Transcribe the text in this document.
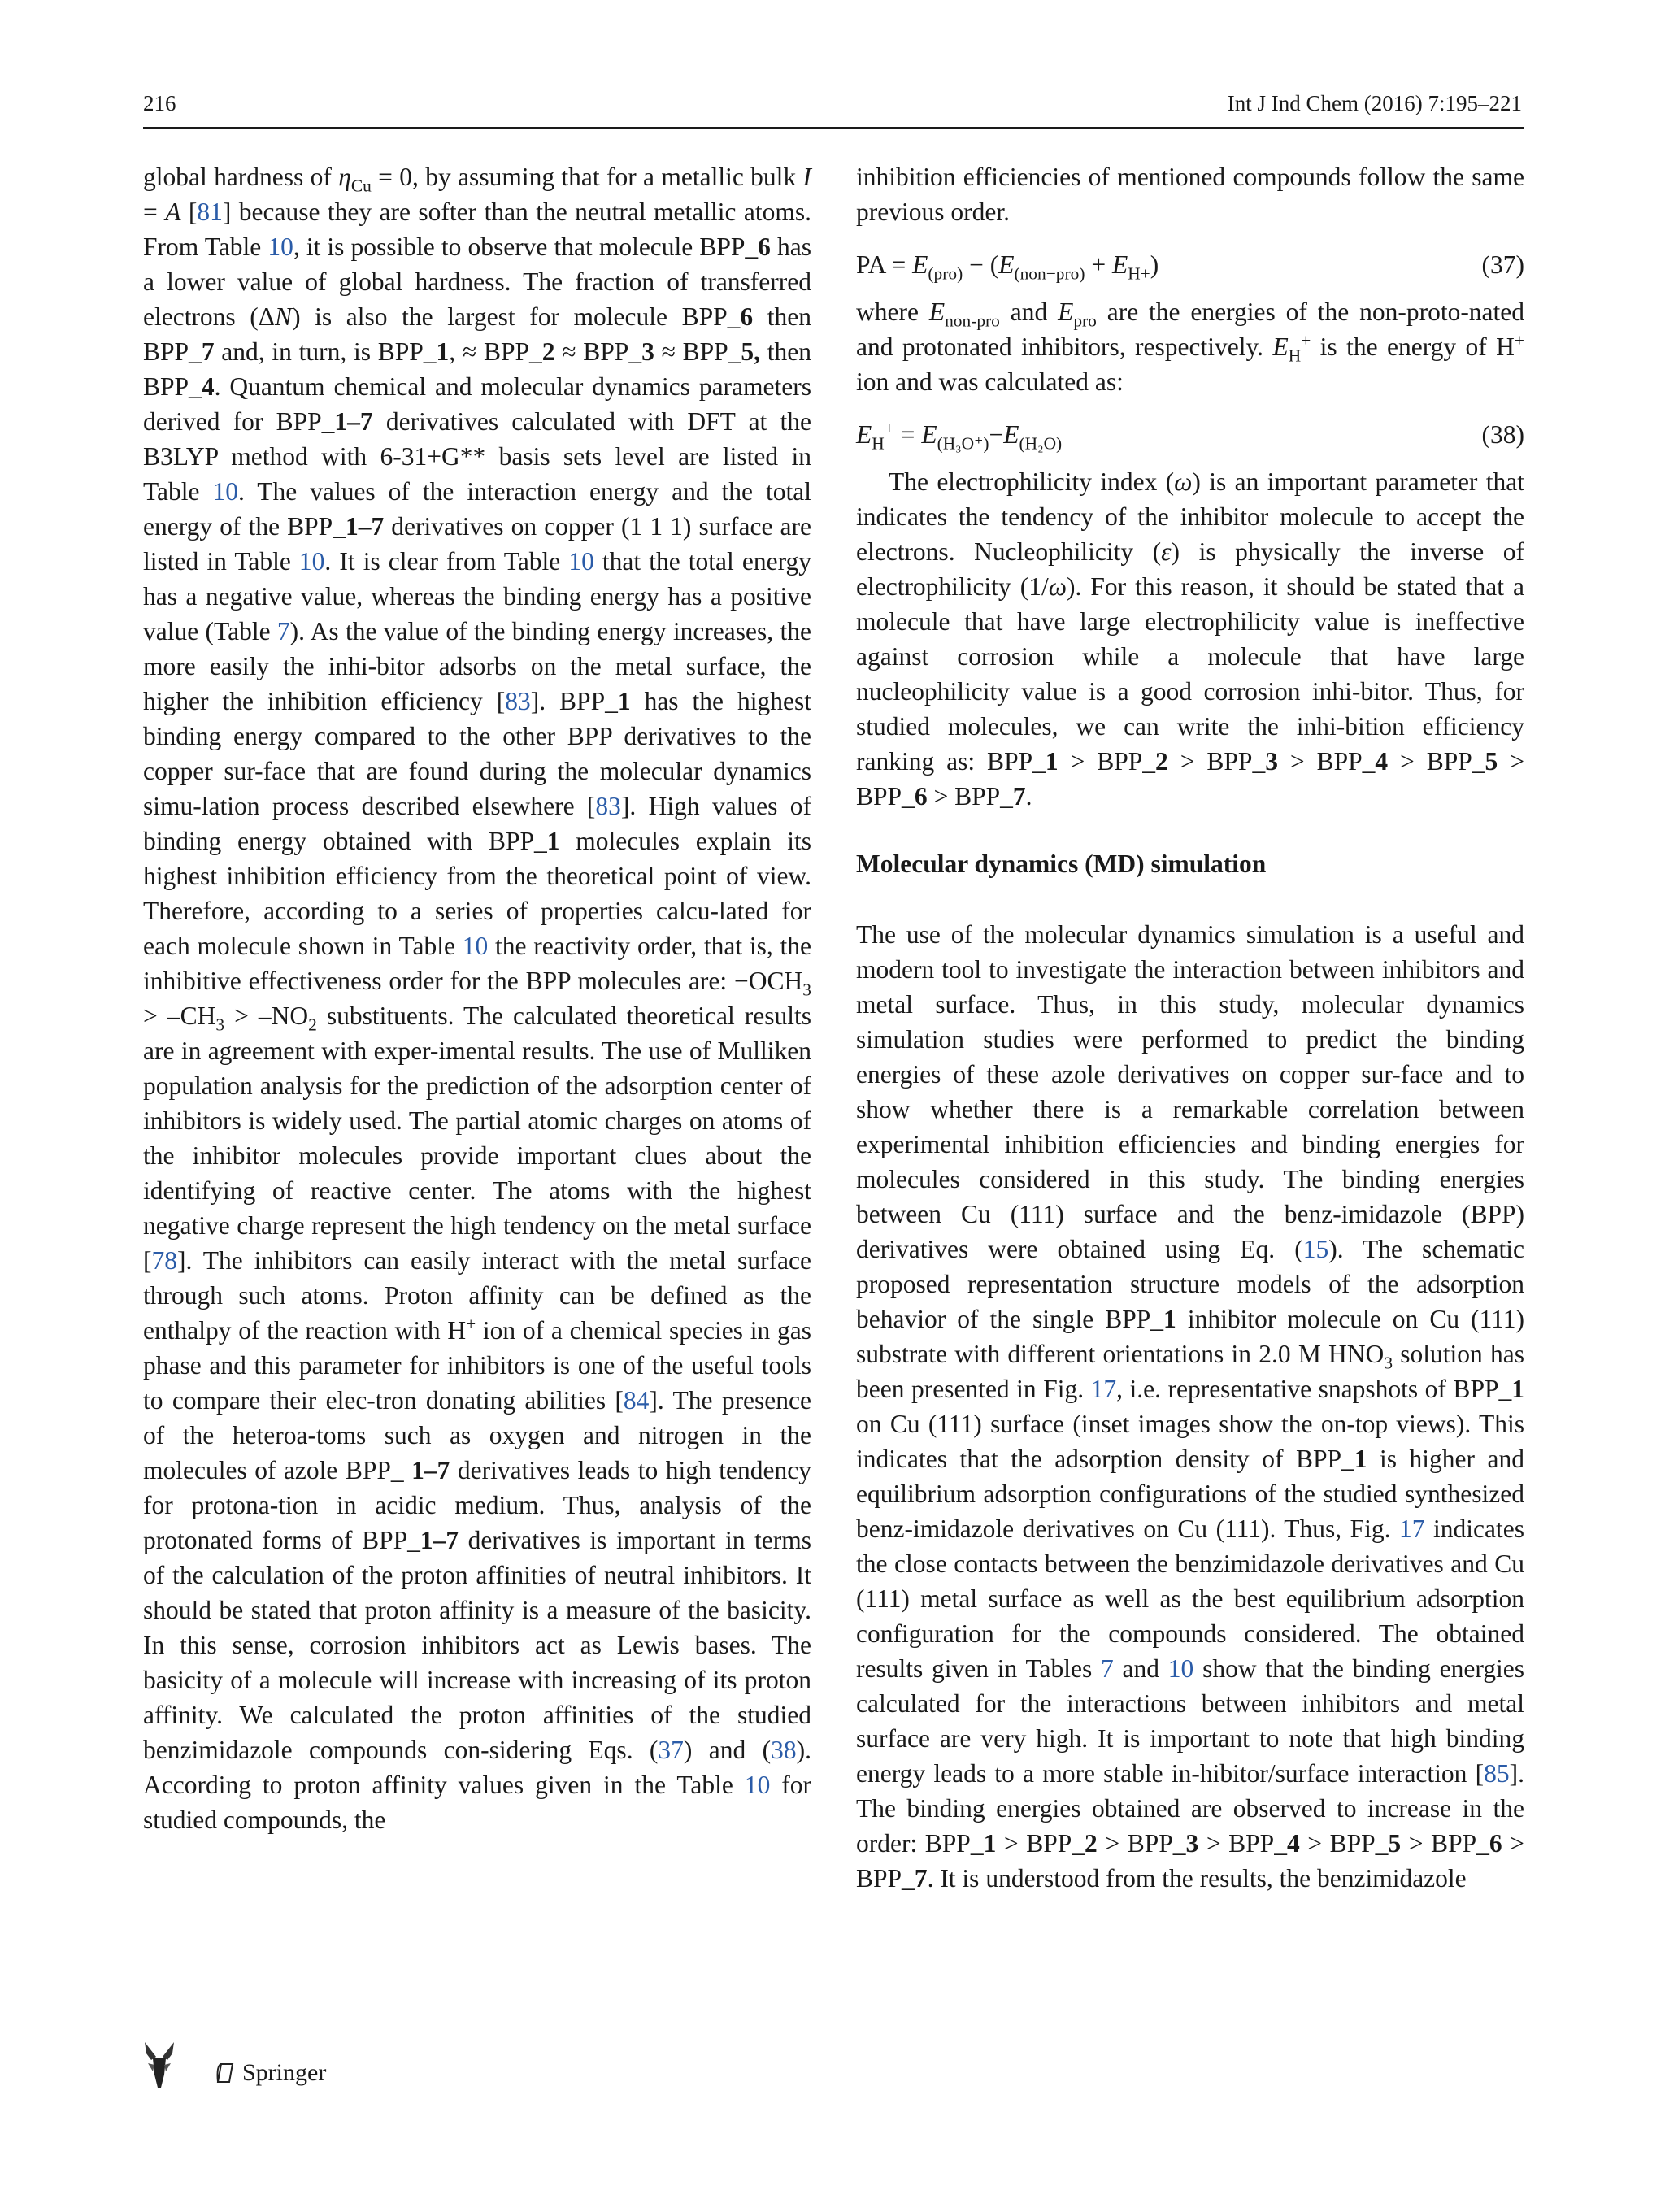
216	Int J Ind Chem (2016) 7:195–221

global hardness of $\eta_{Cu} = 0$, by assuming that for a metallic bulk I = A [81] because they are softer than the neutral metallic atoms. From Table 10, it is possible to observe that molecule BPP_6 has a lower value of global hardness. The fraction of transferred electrons (ΔN) is also the largest for molecule BPP_6 then BPP_7 and, in turn, is BPP_1, ≈ BPP_2 ≈ BPP_3 ≈ BPP_5, then BPP_4. Quantum chemical and molecular dynamics parameters derived for BPP_1–7 derivatives calculated with DFT at the B3LYP method with 6-31+G** basis sets level are listed in Table 10. The values of the interaction energy and the total energy of the BPP_1–7 derivatives on copper (1 1 1) surface are listed in Table 10. It is clear from Table 10 that the total energy has a negative value, whereas the binding energy has a positive value (Table 7). As the value of the binding energy increases, the more easily the inhi-bitor adsorbs on the metal surface, the higher the inhibition efficiency [83]. BPP_1 has the highest binding energy compared to the other BPP derivatives to the copper sur-face that are found during the molecular dynamics simu-lation process described elsewhere [83]. High values of binding energy obtained with BPP_1 molecules explain its highest inhibition efficiency from the theoretical point of view. Therefore, according to a series of properties calcu-lated for each molecule shown in Table 10 the reactivity order, that is, the inhibitive effectiveness order for the BPP molecules are: $-OCH_3 > -CH_3 > -NO_2$ substituents. The calculated theoretical results are in agreement with exper-imental results. The use of Mulliken population analysis for the prediction of the adsorption center of inhibitors is widely used. The partial atomic charges on atoms of the inhibitor molecules provide important clues about the identifying of reactive center. The atoms with the highest negative charge represent the high tendency on the metal surface [78]. The inhibitors can easily interact with the metal surface through such atoms. Proton affinity can be defined as the enthalpy of the reaction with H+ ion of a chemical species in gas phase and this parameter for inhibitors is one of the useful tools to compare their elec-tron donating abilities [84]. The presence of the heteroa-toms such as oxygen and nitrogen in the molecules of azole BPP_ 1–7 derivatives leads to high tendency for protona-tion in acidic medium. Thus, analysis of the protonated forms of BPP_1–7 derivatives is important in terms of the calculation of the proton affinities of neutral inhibitors. It should be stated that proton affinity is a measure of the basicity. In this sense, corrosion inhibitors act as Lewis bases. The basicity of a molecule will increase with increasing of its proton affinity. We calculated the proton affinities of the studied benzimidazole compounds con-sidering Eqs. (37) and (38). According to proton affinity values given in the Table 10 for studied compounds, the

inhibition efficiencies of mentioned compounds follow the same previous order.

PA = $E_{(pro)} - (E_{(non-pro)} + E_{H+})$	(37)

where $E_{non-pro}$ and $E_{pro}$ are the energies of the non-proto-nated and protonated inhibitors, respectively. $E_H^+$ is the energy of H+ ion and was calculated as:

$E_H^+ = E_{(H_3O^+)}-E_{(H_2O)}$	(38)

The electrophilicity index (ω) is an important parameter that indicates the tendency of the inhibitor molecule to accept the electrons. Nucleophilicity (ε) is physically the inverse of electrophilicity (1/ω). For this reason, it should be stated that a molecule that have large electrophilicity value is ineffective against corrosion while a molecule that have large nucleophilicity value is a good corrosion inhi-bitor. Thus, for studied molecules, we can write the inhi-bition efficiency ranking as: BPP_1 > BPP_2 > BPP_3 > BPP_4 > BPP_5 > BPP_6 > BPP_7.

Molecular dynamics (MD) simulation

The use of the molecular dynamics simulation is a useful and modern tool to investigate the interaction between inhibitors and metal surface. Thus, in this study, molecular dynamics simulation studies were performed to predict the binding energies of these azole derivatives on copper sur-face and to show whether there is a remarkable correlation between experimental inhibition efficiencies and binding energies for molecules considered in this study. The binding energies between Cu (111) surface and the benz-imidazole (BPP) derivatives were obtained using Eq. (15). The schematic proposed representation structure models of the adsorption behavior of the single BPP_1 inhibitor molecule on Cu (111) substrate with different orientations in 2.0 M $HNO_3$ solution has been presented in Fig. 17, i.e. representative snapshots of BPP_1 on Cu (111) surface (inset images show the on-top views). This indicates that the adsorption density of BPP_1 is higher and equilibrium adsorption configurations of the studied synthesized benz-imidazole derivatives on Cu (111). Thus, Fig. 17 indicates the close contacts between the benzimidazole derivatives and Cu (111) metal surface as well as the best equilibrium adsorption configuration for the compounds considered. The obtained results given in Tables 7 and 10 show that the binding energies calculated for the interactions between inhibitors and metal surface are very high. It is important to note that high binding energy leads to a more stable in-hibitor/surface interaction [85]. The binding energies obtained are observed to increase in the order: BPP_1 > BPP_2 > BPP_3 > BPP_4 > BPP_5 > BPP_6 > BPP_7. It is understood from the results, the benzimidazole

Springer
